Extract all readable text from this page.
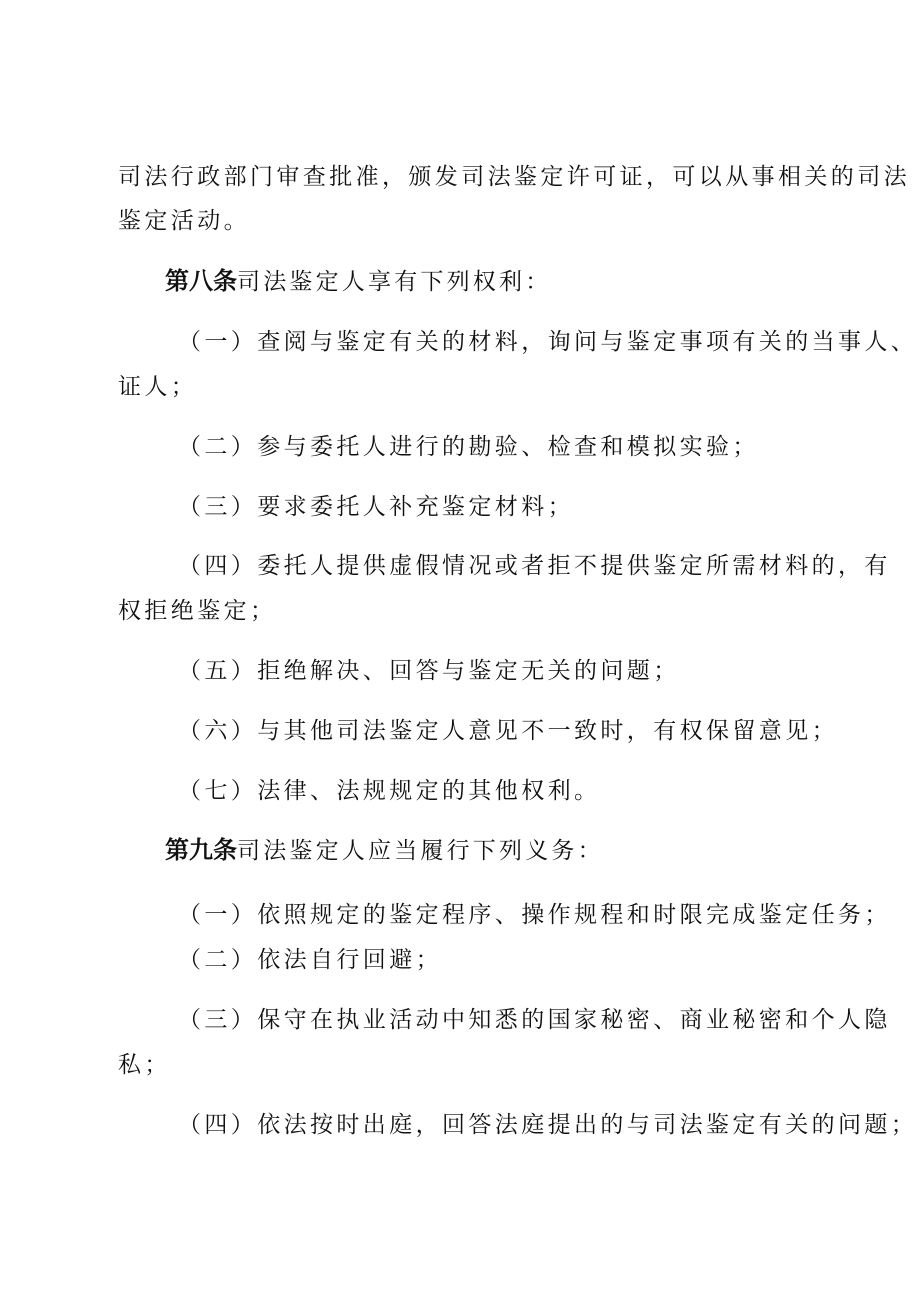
司法行政部门审查批准，颁发司法鉴定许可证，可以从事相关的司法
鉴定活动。
第八条司法鉴定人享有下列权利：
（一）查阅与鉴定有关的材料，询问与鉴定事项有关的当事人、
证人；
（二）参与委托人进行的勘验、检查和模拟实验；
（三）要求委托人补充鉴定材料；
（四）委托人提供虚假情况或者拒不提供鉴定所需材料的，有
权拒绝鉴定；
（五）拒绝解决、回答与鉴定无关的问题；
（六）与其他司法鉴定人意见不一致时，有权保留意见；
（七）法律、法规规定的其他权利。
第九条司法鉴定人应当履行下列义务：
（一）依照规定的鉴定程序、操作规程和时限完成鉴定任务；
（二）依法自行回避；
（三）保守在执业活动中知悉的国家秘密、商业秘密和个人隐
私；
（四）依法按时出庭，回答法庭提出的与司法鉴定有关的问题；
